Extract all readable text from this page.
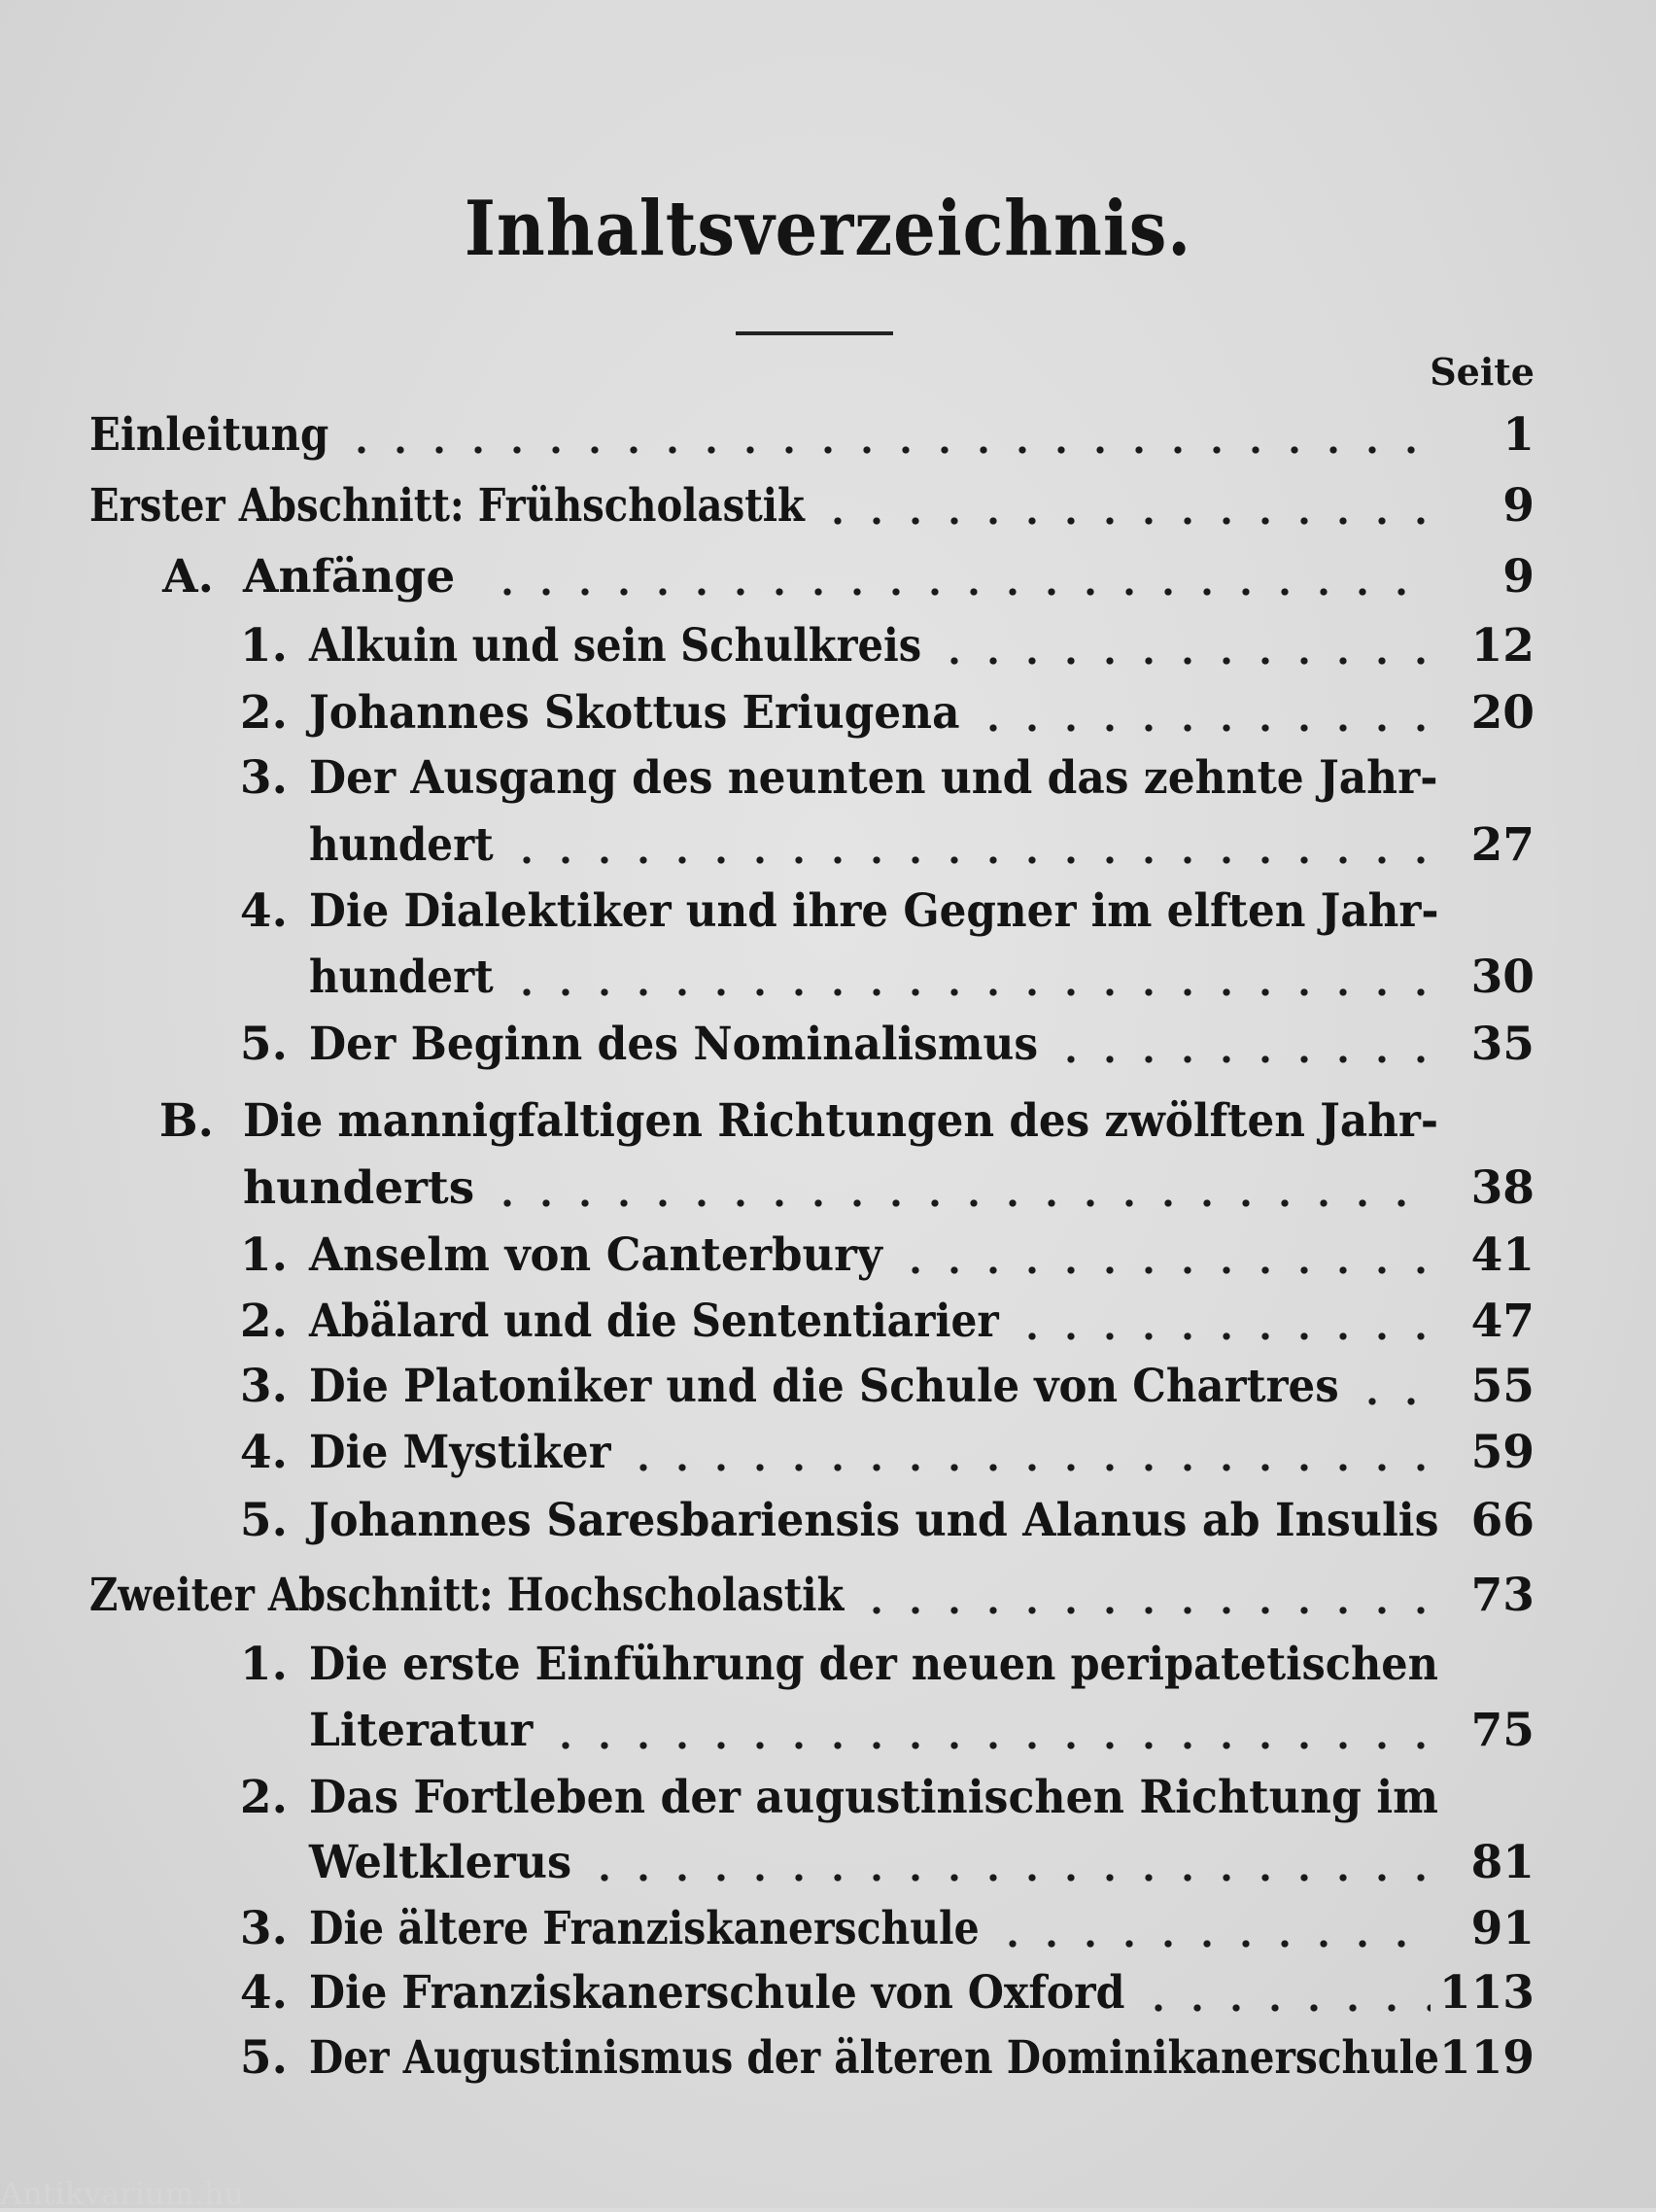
Inhaltsverzeichnis.
Seite
Einleitung	1
Erster Abschnitt: Frühscholastik	9
A. Anfänge	9
1. Alkuin und sein Schulkreis	12
2. Johannes Skottus Eriugena	20
3. Der Ausgang des neunten und das zehnte Jahr-
hundert	27
4. Die Dialektiker und ihre Gegner im elften Jahr-
hundert	30
5. Der Beginn des Nominalismus	35
B. Die mannigfaltigen Richtungen des zwölften Jahr-
hunderts	38
1. Anselm von Canterbury	41
2. Abälard und die Sententiarier	47
3. Die Platoniker und die Schule von Chartres	55
4. Die Mystiker	59
5. Johannes Saresbariensis und Alanus ab Insulis 66
Zweiter Abschnitt: Hochscholastik	73
1. Die erste Einführung der neuen peripatetischen
Literatur	75
2. Das Fortleben der augustinischen Richtung im
Weltklerus	81
3. Die ältere Franziskanerschule	91
4. Die Franziskanerschule von Oxford	113
5. Der Augustinismus der älteren Dominikanerschule 119
Antikvarium.hu
